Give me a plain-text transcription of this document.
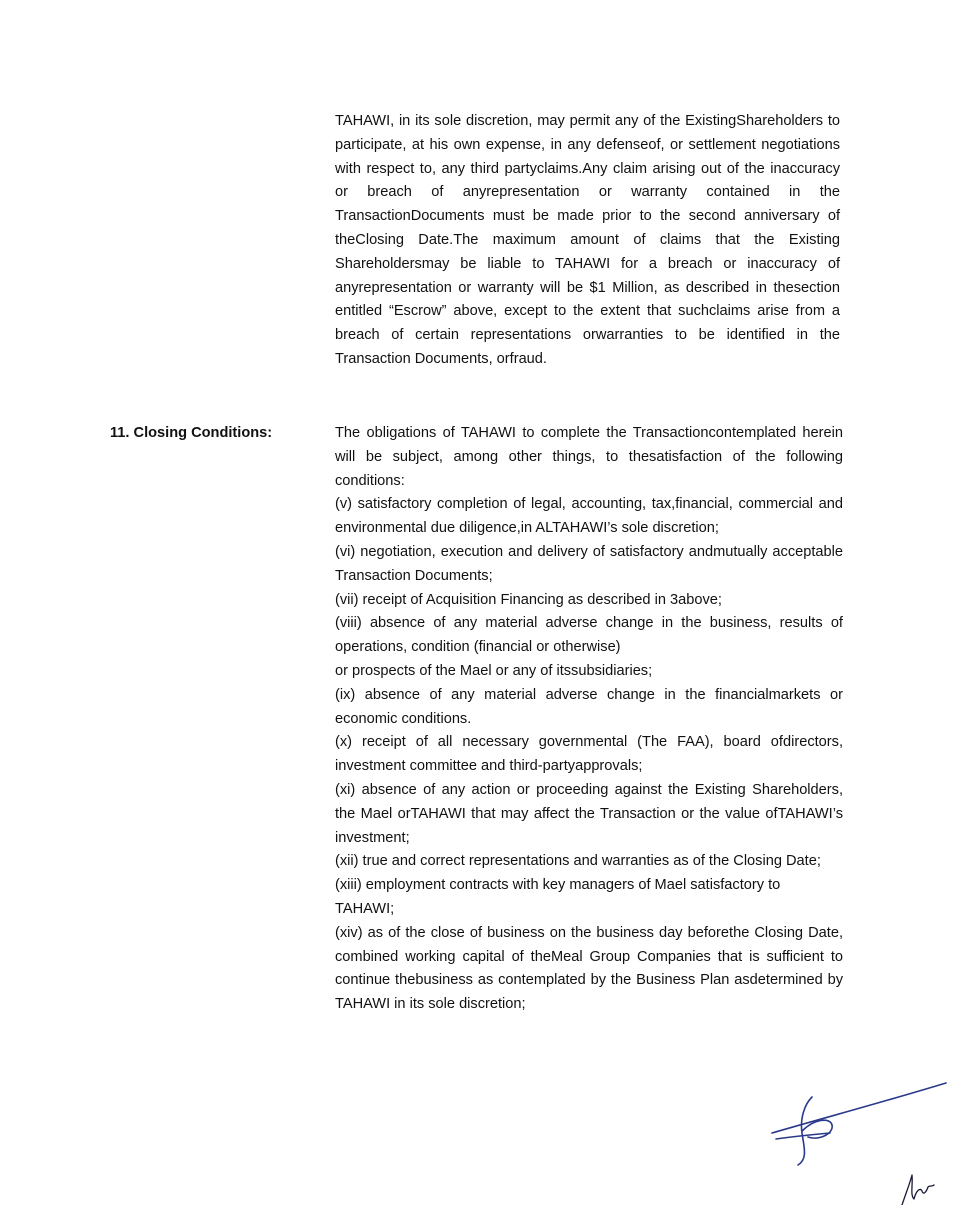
TAHAWI, in its sole discretion, may permit any of the ExistingShareholders to participate, at his own expense, in any defenseof, or settlement negotiations with respect to, any third partyclaims.Any claim arising out of the inaccuracy or breach of anyrepresentation or warranty contained in the TransactionDocuments must be made prior to the second anniversary of theClosing Date.The maximum amount of claims that the Existing Shareholdersmay be liable to TAHAWI for a breach or inaccuracy of anyrepresentation or warranty will be $1 Million, as described in thesection entitled “Escrow” above, except to the extent that suchclaims arise from a breach of certain representations orwarranties to be identified in the Transaction Documents, orfraud.

11. Closing Conditions:	The obligations of TAHAWI to complete the Transactioncontemplated herein will be subject, among other things, to thesatisfaction of the following conditions:

(v) satisfactory completion of legal, accounting, tax,financial, commercial and environmental due diligence,in ALTAHAWI’s sole discretion;

(vi) negotiation, execution and delivery of satisfactory andmutually acceptable Transaction Documents;

(vii) receipt of Acquisition Financing as described in 3above;

(viii) absence of any material adverse change in the business, results of operations, condition (financial or otherwise)

or prospects of the Mael or any of itssubsidiaries;

(ix) absence of any material adverse change in the financialmarkets or economic conditions.

(x) receipt of all necessary governmental (The FAA), board ofdirectors, investment committee and third-partyapprovals;

(xi) absence of any action or proceeding against the Existing Shareholders, the Mael orTAHAWI that may affect the Transaction or the value ofTAHAWI’s investment;

(xii) true and correct representations and warranties as of the Closing Date;

(xiii) employment contracts with key managers of Mael satisfactory to TAHAWI;

(xiv) as of the close of business on the business day beforethe Closing Date, combined working capital of theMeal Group Companies that is sufficient to continue thebusiness as contemplated by the Business Plan asdetermined by TAHAWI in its sole discretion;
